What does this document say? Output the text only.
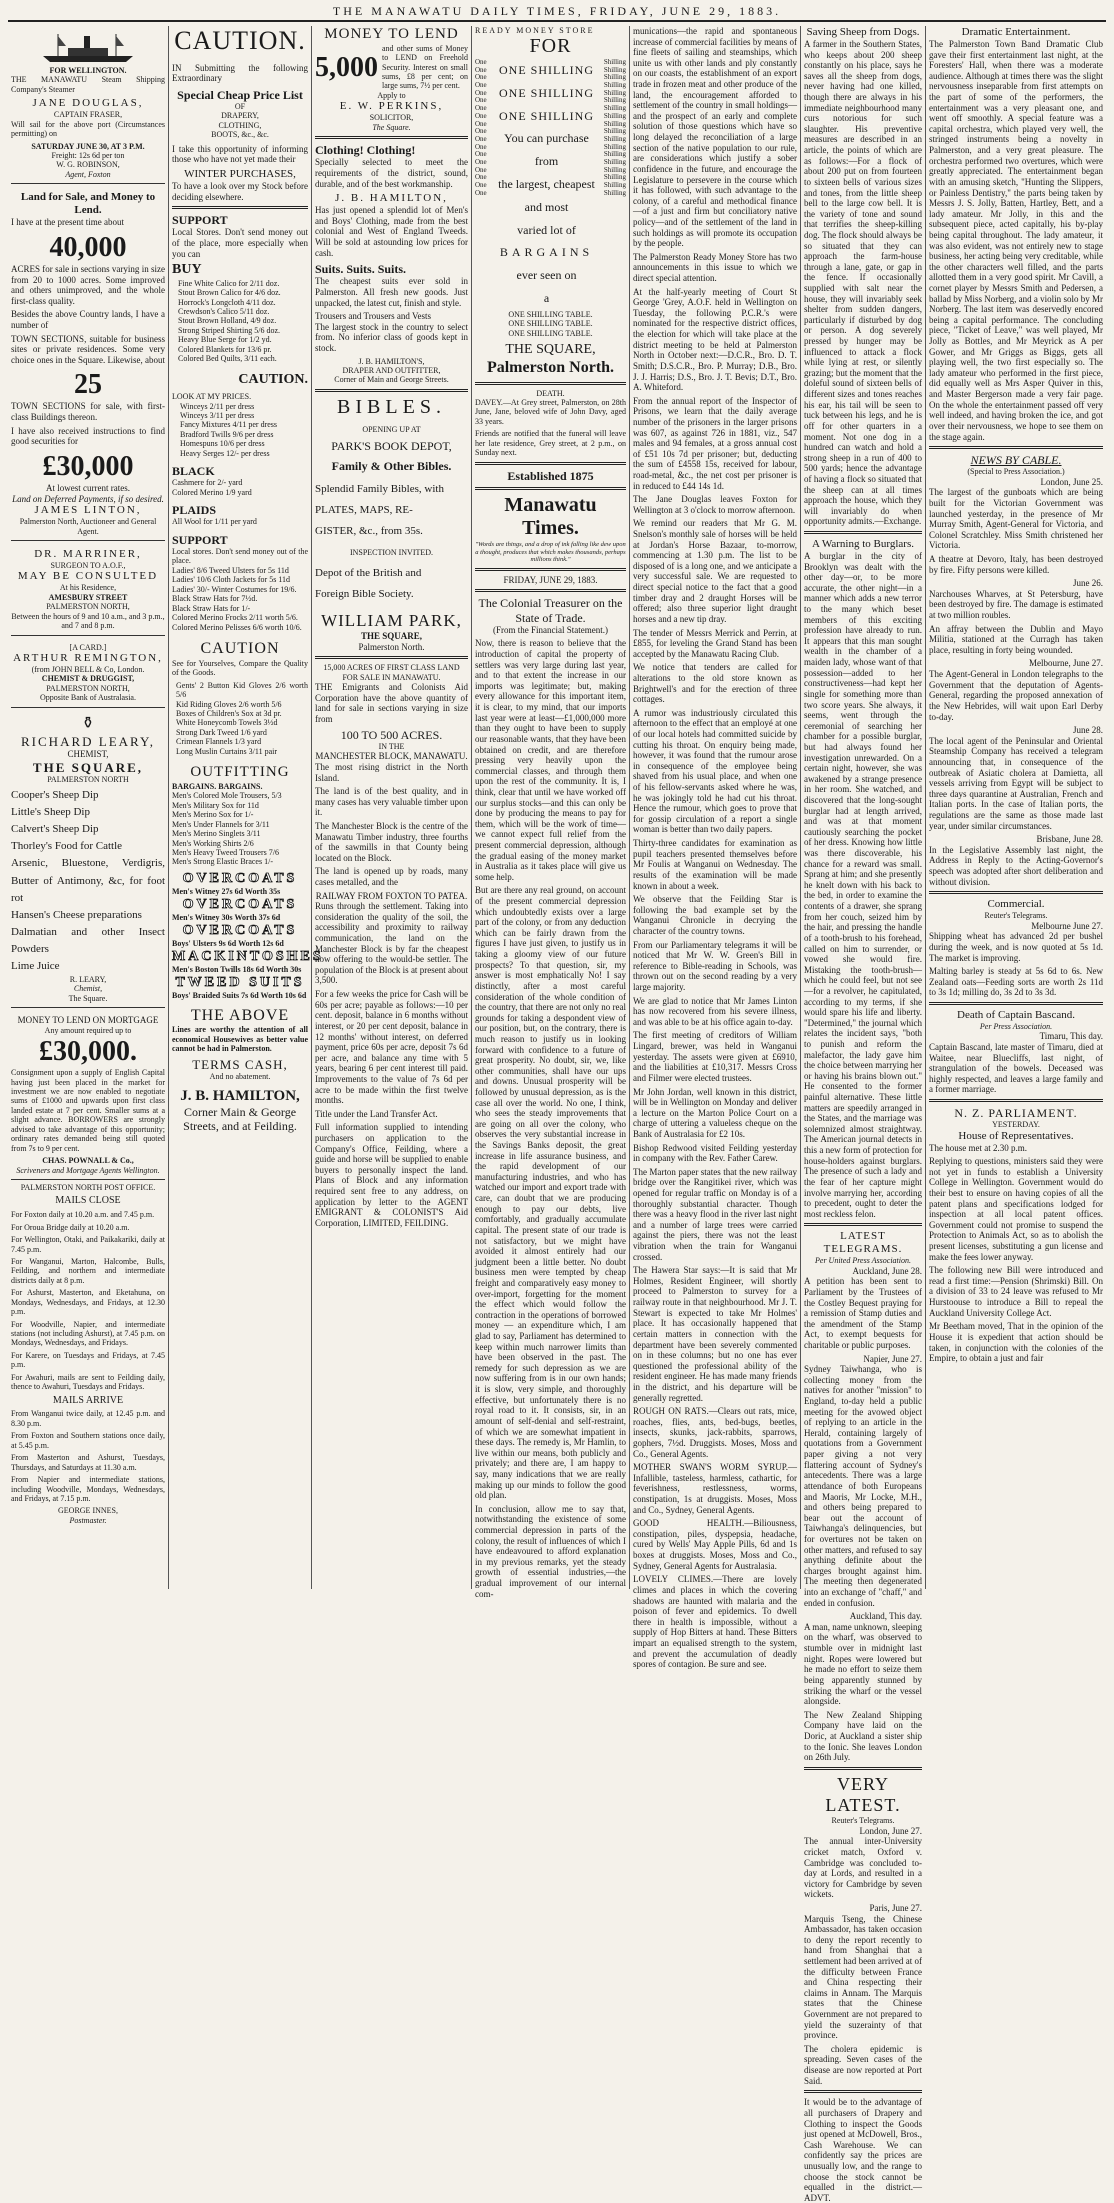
THE MANAWATU DAILY TIMES, FRIDAY, JUNE 29, 1883.
FOR WELLINGTON.

THE MANAWATU Steam Shipping Company's Steamer

JANE DOUGLAS,
CAPTAIN FRASER,

Will sail for the above port (Circumstances permitting) on

SATURDAY JUNE 30, AT 3 P.M.
Freight: 12s 6d per ton
W. G. ROBINSON,
Agent, Foxton
Land for Sale, and Money to Lend.

I have at the present time about

40,000

ACRES for sale in sections varying in size from 20 to 1000 acres. Some improved and others unimproved, and the whole first-class quality.

Besides the above Country lands, I have a number of

TOWN SECTIONS, suitable for business sites or private residences. Some very choice ones in the Square. Likewise, about

25

TOWN SECTIONS for sale, with first-class Buildings thereon.

I have also received instructions to find good securities for

£30,000
At lowest current rates.
Land on Deferred Payments, if so desired.
JAMES LINTON,
Palmerston North, Auctioneer and General Agent.
DR. MARRINER,
SURGEON TO A.O.F.,
MAY BE CONSULTED
At his Residence,
AMESBURY STREET
PALMERSTON NORTH,
Between the hours of 9 and 10 a.m., and 3 p.m., and 7 and 8 p.m.
[A CARD.]
ARTHUR REMINGTON,
(from JOHN BELL & Co, London.
CHEMIST & DRUGGIST,
PALMERSTON NORTH,
Opposite Bank of Australasia.
⚱
RICHARD LEARY,
CHEMIST,
THE SQUARE,
PALMERSTON NORTH
Cooper's Sheep Dip
Little's Sheep Dip
Calvert's Sheep Dip
Thorley's Food for Cattle
Arsenic, Bluestone, Verdigris, Butter of Antimony, &c, for foot rot
Hansen's Cheese preparations
Dalmatian and other Insect Powders
Lime Juice
R. LEARY,
Chemist,
The Square.
MONEY TO LEND ON MORTGAGE
Any amount required up to
£30,000.

Consignment upon a supply of English Capital having just been placed in the market for investment we are now enabled to negotiate sums of £1000 and upwards upon first class landed estate at 7 per cent. Smaller sums at a slight advance. BORROWERS are strongly advised to take advantage of this opportunity; ordinary rates demanded being still quoted from 7s to 9 per cent.

CHAS. POWNALL & Co.,
Scriveners and Mortgage Agents Wellington.
PALMERSTON NORTH POST OFFICE.
MAILS CLOSE

For Foxton daily at 10.20 a.m. and 7.45 p.m.

For Oroua Bridge daily at 10.20 a.m.

For Wellington, Otaki, and Paikakariki, daily at 7.45 p.m.

For Wanganui, Marton, Halcombe, Bulls, Feilding, and northern and intermediate districts daily at 8 p.m.

For Ashurst, Masterton, and Eketahuna, on Mondays, Wednesdays, and Fridays, at 12.30 p.m.

For Woodville, Napier, and intermediate stations (not including Ashurst), at 7.45 p.m. on Mondays, Wednesdays, and Fridays.

For Karere, on Tuesdays and Fridays, at 7.45 p.m.

For Awahuri, mails are sent to Feilding daily, thence to Awahuri, Tuesdays and Fridays.

MAILS ARRIVE

From Wanganui twice daily, at 12.45 p.m. and 8.30 p.m.

From Foxton and Southern stations once daily, at 5.45 p.m.

From Masterton and Ashurst, Tuesdays, Thursdays, and Saturdays at 11.30 a.m.

From Napier and intermediate stations, including Woodville, Mondays, Wednesdays, and Fridays, at 7.15 p.m.

GEORGE INNES,
Postmaster.
CAUTION.

IN Submitting the following Extraordinary

Special Cheap Price List
OF
DRAPERY,
CLOTHING,
BOOTS, &c., &c.

I take this opportunity of informing those who have not yet made their

WINTER PURCHASES,

To have a look over my Stock before deciding elsewhere.

SUPPORT

Local Stores. Don't send money out of the place, more especially when you can

BUY
Fine White Calico for 2/11 doz.
Stout Brown Calico for 4/6 doz.
Horrock's Longcloth 4/11 doz.
Crewdson's Calico 5/11 doz.
Stout Brown Holland, 4/9 doz.
Strong Striped Shirting 5/6 doz.
Heavy Blue Serge for 1/2 yd.
Colored Blankets for 13/6 pr.
Colored Bed Quilts, 3/11 each.
CAUTION.
LOOK AT MY PRICES.
Winceys 2/11 per dress
Winceys 3/11 per dress
Fancy Mixtures 4/11 per dress
Bradford Twills 9/6 per dress
Homespuns 10/6 per dress
Heavy Serges 12/- per dress
BLACK
Cashmere for 2/- yard
Colored Merino 1/9 yard
PLAIDS
All Wool for 1/11 per yard
SUPPORT
Local stores. Don't send money out of the place.
Ladies' 8/6 Tweed Ulsters for 5s 11d
Ladies' 10/6 Cloth Jackets for 5s 11d
Ladies' 30/- Winter Costumes for 19/6.
Black Straw Hats for 7½d.
Black Straw Hats for 1/-
Colored Merino Frocks 2/11 worth 5/6.
Colored Merino Pelisses 6/6 worth 10/6.
CAUTION

See for Yourselves, Compare the Quality of the Goods.

Gents' 2 Button Kid Gloves 2/6 worth 5/6
Kid Riding Gloves 2/6 worth 5/6
Boxes of Children's Sox at 3d pr.
White Honeycomb Towels 3½d
Strong Dark Tweed 1/6 yard
Crimean Flannels 1/3 yard
Long Muslin Curtains 3/11 pair
OUTFITTING
BARGAINS. BARGAINS.
Men's Colored Mole Trousers, 5/3
Men's Military Sox for 11d
Men's Merino Sox for 1/-
Men's Under Flannels for 3/11
Men's Merino Singlets 3/11
Men's Working Shirts 2/6
Men's Heavy Tweed Trousers 7/6
Men's Strong Elastic Braces 1/-
OVERCOATS
Men's Witney 27s 6d Worth 35s
OVERCOATS
Men's Witney 30s Worth 37s 6d
OVERCOATS
Boys' Ulsters 9s 6d Worth 12s 6d
MACKINTOSHES
Men's Boston Twills 18s 6d Worth 30s
TWEED SUITS
Boys' Braided Suits 7s 6d Worth 10s 6d
THE ABOVE

Lines are worthy the attention of all economical Housewives as better value cannot be had in Palmerston.

TERMS CASH,
And no abatement.
J. B. HAMILTON,
Corner Main & George
Streets, and at Feilding.
MONEY TO LEND
5,000
and other sums of Money to LEND on Freehold Security. Interest on small sums, £8 per cent; on large sums, 7½ per cent.
Apply to
E. W. PERKINS,
SOLICITOR,
The Square.
Clothing! Clothing!

Specially selected to meet the requirements of the district, sound, durable, and of the best workmanship.

J. B. HAMILTON,

Has just opened a splendid lot of Men's and Boys' Clothing, made from the best colonial and West of England Tweeds. Will be sold at astounding low prices for cash.

Suits. Suits. Suits.

The cheapest suits ever sold in Palmerston. All fresh new goods. Just unpacked, the latest cut, finish and style.

Trousers and Trousers and Vests

The largest stock in the country to select from. No inferior class of goods kept in stock.

J. B. HAMILTON'S,
DRAPER AND OUTFITTER,
Corner of Main and George Streets.
BIBLES.
OPENING UP AT
PARK'S BOOK DEPOT,
Family & Other Bibles.
Splendid Family Bibles, with
PLATES, MAPS, RE-
GISTER, &c., from 35s.
INSPECTION INVITED.
Depot of the British and
Foreign Bible Society.
WILLIAM PARK,
THE SQUARE,
Palmerston North.
15,000 ACRES OF FIRST CLASS LAND FOR SALE IN MANAWATU.

THE Emigrants and Colonists Aid Corporation have the above quantity of land for sale in sections varying in size from

100 TO 500 ACRES.
IN THE
MANCHESTER BLOCK, MANAWATU.

The most rising district in the North Island.

The land is of the best quality, and in many cases has very valuable timber upon it.

The Manchester Block is the centre of the Manawatu Timber industry, three fourths of the sawmills in that County being located on the Block.

The land is opened up by roads, many cases metalled, and the

RAILWAY FROM FOXTON TO PATEA.

Runs through the settlement. Taking into consideration the quality of the soil, the accessibility and proximity to railway communication, the land on the Manchester Block is by far the cheapest now offering to the would-be settler. The population of the Block is at present about 3,500.

For a few weeks the price for Cash will be 60s per acre; payable as follows:—10 per cent. deposit, balance in 6 months without interest, or 20 per cent deposit, balance in 12 months' without interest, on deferred payment, price 60s per acre, deposit 7s 6d per acre, and balance any time with 5 years, bearing 6 per cent interest till paid. Improvements to the value of 7s 6d per acre to be made within the first twelve months.

Title under the Land Transfer Act.

Full information supplied to intending purchasers on application to the Company's Office, Feilding, where a guide and horse will be supplied to enable buyers to personally inspect the land. Plans of Block and any information required sent free to any address, on application by letter to the AGENT EMIGRANT & COLONIST'S Aid Corporation, LIMITED, FEILDING.

READY MONEY STORE
FOR
One
One
One
One
One
One
One
One
One
One
One
One
One
One
One
One
One
One
ONE SHILLING
ONE SHILLING
ONE SHILLING
You can purchase
from
the largest, cheapest
and most
varied lot of
BARGAINS
ever seen on
a
Shilling
Shilling
Shilling
Shilling
Shilling
Shilling
Shilling
Shilling
Shilling
Shilling
Shilling
Shilling
Shilling
Shilling
Shilling
Shilling
Shilling
Shilling
ONE SHILLING TABLE.
ONE SHILLING TABLE.
ONE SHILLING TABLE.
THE SQUARE,
Palmerston North.
DEATH.

DAVEY.—At Grey street, Palmerston, on 28th June, Jane, beloved wife of John Davy, aged 33 years.

Friends are notified that the funeral will leave her late residence, Grey street, at 2 p.m., on Sunday next.

Established 1875
Manawatu Times.

"Words are things, and a drop of ink falling like dew upon a thought, produces that which makes thousands, perhaps millions think."

FRIDAY, JUNE 29, 1883.
The Colonial Treasurer on the State of Trade.

(From the Financial Statement.)

Now, there is reason to believe that the introduction of capital the property of settlers was very large during last year, and to that extent the increase in our imports was legitimate; but, making every allowance for this important item, it is clear, to my mind, that our imports last year were at least—£1,000,000 more than they ought to have been to supply our reasonable wants, that they have been obtained on credit, and are therefore pressing very heavily upon the commercial classes, and through them upon the rest of the community. It is, I think, clear that until we have worked off our surplus stocks—and this can only be done by producing the means to pay for them, which will be the work of time—we cannot expect full relief from the present commercial depression, although the gradual easing of the money market in Australia as it takes place will give us some help.

But are there any real ground, on account of the present commercial depression which undoubtedly exists over a large part of the colony, or from any deduction which can be fairly drawn from the figures I have just given, to justify us in taking a gloomy view of our future prospects? To that question, sir, my answer is most emphatically No! I say distinctly, after a most careful consideration of the whole condition of the country, that there are not only no real grounds for taking a despondent view of our position, but, on the contrary, there is much reason to justify us in looking forward with confidence to a future of great prosperity. No doubt, sir, we, like other communities, shall have our ups and downs. Unusual prosperity will be followed by unusual depression, as is the case all over the world. No one, I think, who sees the steady improvements that are going on all over the colony, who observes the very substantial increase in the Savings Banks deposit, the great increase in life assurance business, and the rapid development of our manufacturing industries, and who has watched our import and export trade with care, can doubt that we are producing enough to pay our debts, live comfortably, and gradually accumulate capital. The present state of our trade is not satisfactory, but we might have avoided it almost entirely had our judgment been a little better. No doubt business men were tempted by cheap freight and comparatively easy money to over-import, forgetting for the moment the effect which would follow the contraction in the operations of borrowed money — an expenditure which, I am glad to say, Parliament has determined to keep within much narrower limits than have been observed in the past. The remedy for such depression as we are now suffering from is in our own hands; it is slow, very simple, and thoroughly effective, but unfortunately there is no royal road to it. It consists, sir, in an amount of self-denial and self-restraint, of which we are somewhat impatient in these days. The remedy is, Mr Hamlin, to live within our means, both publicly and privately; and there are, I am happy to say, many indications that we are really making up our minds to follow the good old plan.

In conclusion, allow me to say that, notwithstanding the existence of some commercial depression in parts of the colony, the result of influences of which I have endeavoured to afford explanation in my previous remarks, yet the steady growth of essential industries,—the gradual improvement of our internal com-

munications—the rapid and spontaneous increase of commercial facilities by means of fine fleets of sailing and steamships, which unite us with other lands and ply constantly on our coasts, the establishment of an export trade in frozen meat and other produce of the land, the encouragement afforded to settlement of the country in small holdings—and the prospect of an early and complete solution of those questions which have so long delayed the reconciliation of a large section of the native population to our rule, are considerations which justify a sober confidence in the future, and encourage the Legislature to persevere in the course which it has followed, with such advantage to the colony, of a careful and methodical finance—of a just and firm but conciliatory native policy—and of the settlement of the land in such holdings as will promote its occupation by the people.

The Palmerston Ready Money Store has two announcements in this issue to which we direct special attention.

At the half-yearly meeting of Court St George 'Grey, A.O.F. held in Wellington on Tuesday, the following P.C.R.'s were nominated for the respective district offices, the election for which will take place at the district meeting to be held at Palmerston North in October next:—D.C.R., Bro. D. T. Smith; D.S.C.R., Bro. P. Murray; D.B., Bro. J. J. Harris; D.S., Bro. J. T. Bevis; D.T., Bro. A. Whiteford.

From the annual report of the Inspector of Prisons, we learn that the daily average number of the prisoners in the larger prisons was 607, as against 726 in 1881, viz., 547 males and 94 females, at a gross annual cost of £51 10s 7d per prisoner; but, deducting the sum of £4558 15s, received for labour, road-metal, &c., the net cost per prisoner is in reduced to £44 14s 1d.

The Jane Douglas leaves Foxton for Wellington at 3 o'clock to morrow afternoon.

We remind our readers that Mr G. M. Snelson's monthly sale of horses will be held at Jordan's Horse Bazaar, to-morrow, commencing at 1.30 p.m. The list to be disposed of is a long one, and we anticipate a very successful sale. We are requested to direct special notice to the fact that a good timber dray and 2 draught Horses will be offered; also three superior light draught horses and a new tip dray.

The tender of Messrs Merrick and Perrin, at £855, for leveling the Grand Stand has been accepted by the Manawatu Racing Club.

We notice that tenders are called for alterations to the old store known as Brightwell's and for the erection of three cottages.

A rumor was industriously circulated this afternoon to the effect that an employé at one of our local hotels had committed suicide by cutting his throat. On enquiry being made, however, it was found that the rumour arose in consequence of the employee being shaved from his usual place, and when one of his fellow-servants asked where he was, he was jokingly told he had cut his throat. Hence the rumour, which goes to prove that for gossip circulation of a report a single woman is better than two daily papers.

Thirty-three candidates for examination as pupil teachers presented themselves before Mr Foulis at Wanganui on Wednesday. The results of the examination will be made known in about a week.

We observe that the Feilding Star is following the bad example set by the Wanganui Chronicle in decrying the character of the country towns.

From our Parliamentary telegrams it will be noticed that Mr W. W. Green's Bill in reference to Bible-reading in Schools, was thrown out on the second reading by a very large majority.

We are glad to notice that Mr James Linton has now recovered from his severe illness, and was able to be at his office again to-day.

The first meeting of creditors of William Lingard, brewer, was held in Wanganui yesterday. The assets were given at £6910, and the liabilities at £10,317. Messrs Cross and Filmer were elected trustees.

Mr John Jordan, well known in this district, will be in Wellington on Monday and deliver a lecture on the Marton Police Court on a charge of uttering a valueless cheque on the Bank of Australasia for £2 10s.

Bishop Redwood visited Feilding yesterday in company with the Rev. Father Carew.

The Marton paper states that the new railway bridge over the Rangitikei river, which was opened for regular traffic on Monday is of a thoroughly substantial character. Though there was a heavy flood in the river last night and a number of large trees were carried against the piers, there was not the least vibration when the train for Wanganui crossed.

The Hawera Star says:—It is said that Mr Holmes, Resident Engineer, will shortly proceed to Palmerston to survey for a railway route in that neighbourhood. Mr J. T. Stewart is expected to take Mr Holmes' place. It has occasionally happened that certain matters in connection with the department have been severely commented on in these columns; but no one has ever questioned the professional ability of the resident engineer. He has made many friends in the district, and his departure will be generally regretted.

ROUGH ON RATS.—Clears out rats, mice, roaches, flies, ants, bed-bugs, beetles, insects, skunks, jack-rabbits, sparrows, gophers, 7½d. Druggists. Moses, Moss and Co., General Agents.

MOTHER SWAN'S WORM SYRUP.—Infallible, tasteless, harmless, cathartic, for feverishness, restlessness, worms, constipation, 1s at druggists. Moses, Moss and Co., Sydney, General Agents.

GOOD HEALTH.—Biliousness, constipation, piles, dyspepsia, headache, cured by Wells' May Apple Pills, 6d and 1s boxes at druggists. Moses, Moss and Co., Sydney, General Agents for Australasia.

LOVELY CLIMES.—There are lovely climes and places in which the covering shadows are haunted with malaria and the poison of fever and epidemics. To dwell there in health is impossible, without a supply of Hop Bitters at hand. These Bitters impart an equalised strength to the system, and prevent the accumulation of deadly spores of contagion. Be sure and see.

Saving Sheep from Dogs.

A farmer in the Southern States, who keeps about 200 sheep constantly on his place, says he saves all the sheep from dogs, never having had one killed, though there are always in his immediate neighbourhood many curs notorious for such slaughter. His preventive measures are described in an article, the points of which are as follows:—For a flock of about 200 put on from fourteen to sixteen bells of various sizes and tones, from the little sheep bell to the large cow bell. It is the variety of tone and sound that terrifies the sheep-killing dog. The flock should always be so situated that they can approach the farm-house through a lane, gate, or gap in the fence. If occasionally supplied with salt near the house, they will invariably seek shelter from sudden dangers, particularly if disturbed by dog or person. A dog severely pressed by hunger may be influenced to attack a flock while lying at rest, or silently grazing; but the moment that the doleful sound of sixteen bells of different sizes and tones reaches his ear, his tail will be seen to tuck between his legs, and he is off for other quarters in a moment. Not one dog in a hundred can watch and hold a strong sheep in a run of 400 to 500 yards; hence the advantage of having a flock so situated that the sheep can at all times approach the house, which they will invariably do when opportunity admits.—Exchange.

A Warning to Burglars.

A burglar in the city of Brooklyn was dealt with the other day—or, to be more accurate, the other night—in a manner which adds a new terror to the many which beset members of this exciting profession have already to run. It appears that this man sought wealth in the chamber of a maiden lady, whose want of that possession—added to her constructiveness—had kept her single for something more than two score years. She always, it seems, went through the ceremonial of searching her chamber for a possible burglar, but had always found her investigation unrewarded. On a certain night, however, she was awakened by a strange presence in her room. She watched, and discovered that the long-sought burglar had at length arrived, and was at that moment cautiously searching the pocket of her dress. Knowing how little was there discoverable, his chance for a reward was small. Sprang at him; and she presently he knelt down with his back to the bed, in order to examine the contents of a drawer, she sprang from her couch, seized him by the hair, and pressing the handle of a tooth-brush to his forehead, called on him to surrender, or vowed she would fire. Mistaking the tooth-brush—which he could feel, but not see—for a revolver, he capitulated, according to my terms, if she would spare his life and liberty. "Determined," the journal which relates the incident says, "both to punish and reform the malefactor, the lady gave him the choice between marrying her or having his brains blown out." He consented to the former painful alternative. These little matters are speedily arranged in the States, and the marriage was solemnized almost straightway. The American journal detects in this a new form of protection for house-holders against burglars. The presence of such a lady and the fear of her capture might involve marrying her, according to precedent, ought to deter the most reckless felon.

LATEST TELEGRAMS.
Per United Press Association.
Auckland, June 28.

A petition has been sent to Parliament by the Trustees of the Costley Bequest praying for a remission of Stamp duties and the amendment of the Stamp Act, to exempt bequests for charitable or public purposes.

Napier, June 27.

Sydney Taiwhanga, who is collecting money from the natives for another "mission" to England, to-day held a public meeting for the avowed object of replying to an article in the Herald, containing largely of quotations from a Government paper giving a not very flattering account of Sydney's antecedents. There was a large attendance of both Europeans and Maoris, Mr Locke, M.H., and others being prepared to bear out the account of Taiwhanga's delinquencies, but for overtures not be taken on other matters, and refused to say anything definite about the charges brought against him. The meeting then degenerated into an exchange of "chaff," and ended in confusion.

Auckland, This day.

A man, name unknown, sleeping on the wharf, was observed to stumble over in midnight last night. Ropes were lowered but he made no effort to seize them being apparently stunned by striking the wharf or the vessel alongside.

The New Zealand Shipping Company have laid on the Doric, at Auckland a sister ship to the Ionic. She leaves London on 26th July.

VERY LATEST.
Reuter's Telegrams.
London, June 27.

The annual inter-University cricket match, Oxford v. Cambridge was concluded to-day at Lords, and resulted in a victory for Cambridge by seven wickets.

Paris, June 27.

Marquis Tseng, the Chinese Ambassador, has taken occasion to deny the report recently to hand from Shanghai that a settlement had been arrived at of the difficulty between France and China respecting their claims in Annam. The Marquis states that the Chinese Government are not prepared to yield the suzerainty of that province.

The cholera epidemic is spreading. Seven cases of the disease are now reported at Port Said.

It would be to the advantage of all purchasers of Drapery and Clothing to inspect the Goods just opened at McDowell, Bros., Cash Warehouse. We can confidently say the prices are unusually low, and the range to choose the stock cannot be equalled in the district.—ADVT.

Dramatic Entertainment.

The Palmerston Town Band Dramatic Club gave their first entertainment last night, at the Foresters' Hall, when there was a moderate audience. Although at times there was the slight nervousness inseparable from first attempts on the part of some of the performers, the entertainment was a very pleasant one, and went off smoothly. A special feature was a capital orchestra, which played very well, the stringed instruments being a novelty in Palmerston, and a very great pleasure. The orchestra performed two overtures, which were greatly appreciated. The entertainment began with an amusing sketch, "Hunting the Slippers, or Painless Dentistry," the parts being taken by Messrs J. S. Jolly, Batten, Hartley, Bett, and a lady amateur. Mr Jolly, in this and the subsequent piece, acted capitally, his by-play being capital throughout. The lady amateur, it was also evident, was not entirely new to stage business, her acting being very creditable, while the other characters well filled, and the parts allotted them in a very good spirit. Mr Cavill, a cornet player by Messrs Smith and Pedersen, a ballad by Miss Norberg, and a violin solo by Mr Norberg. The last item was deservedly encored being a capital performance. The concluding piece, "Ticket of Leave," was well played, Mr Jolly as Bottles, and Mr Meyrick as A per Gower, and Mr Griggs as Biggs, gets all playing well, the two first especially so. The lady amateur who performed in the first piece, did equally well as Mrs Asper Quiver in this, and Master Bergerson made a very fair page. On the whole the entertainment passed off very well indeed, and having broken the ice, and got over their nervousness, we hope to see them on the stage again.

NEWS BY CABLE.
(Special to Press Association.)
London, June 25.

The largest of the gunboats which are being built for the Victorian Government was launched yesterday, in the presence of Mr Murray Smith, Agent-General for Victoria, and Colonel Scratchley. Miss Smith christened her Victoria.

A theatre at Devoro, Italy, has been destroyed by fire. Fifty persons were killed.

June 26.

Narchouses Wharves, at St Petersburg, have been destroyed by fire. The damage is estimated at two million roubles.

An affray between the Dublin and Mayo Militia, stationed at the Curragh has taken place, resulting in forty being wounded.

Melbourne, June 27.

The Agent-General in London telegraphs to the Government that the deputation of Agents-General, regarding the proposed annexation of the New Hebrides, will wait upon Earl Derby to-day.

June 28.

The local agent of the Peninsular and Oriental Steamship Company has received a telegram announcing that, in consequence of the outbreak of Asiatic cholera at Damietta, all vessels arriving from Egypt will be subject to three days quarantine at Australian, French and Italian ports. In the case of Italian ports, the regulations are the same as those made last year, under similar circumstances.

Brisbane, June 28.

In the Legislative Assembly last night, the Address in Reply to the Acting-Governor's speech was adopted after short deliberation and without division.

Commercial.
Reuter's Telegrams.
Melbourne June 27.

Shipping wheat has advanced 2d per bushel during the week, and is now quoted at 5s 1d. The market is improving.

Malting barley is steady at 5s 6d to 6s. New Zealand oats—Feeding sorts are worth 2s 11d to 3s 1d; milling do, 3s 2d to 3s 3d.

Death of Captain Bascand.
Per Press Association.
Timaru, This day.

Captain Bascand, late master of Timaru, died at Waitee, near Bluecliffs, last night, of strangulation of the bowels. Deceased was highly respected, and leaves a large family and a former marriage.

N. Z. PARLIAMENT.
YESTERDAY.
House of Representatives.

The house met at 2.30 p.m.

Replying to questions, ministers said they were not yet in funds to establish a University College in Wellington. Government would do their best to ensure on having copies of all the patent plans and specifications lodged for inspection at all local patent offices. Government could not promise to suspend the Protection to Animals Act, so as to abolish the present licenses, substituting a gun license and make the fees lower anyway.

The following new Bill were introduced and read a first time:—Pension (Shrimski) Bill. On a division of 33 to 24 leave was refused to Mr Hurstoouse to introduce a Bill to repeal the Auckland University College Act.

Mr Beetham moved, That in the opinion of the House it is expedient that action should be taken, in conjunction with the colonies of the Empire, to obtain a just and fair
